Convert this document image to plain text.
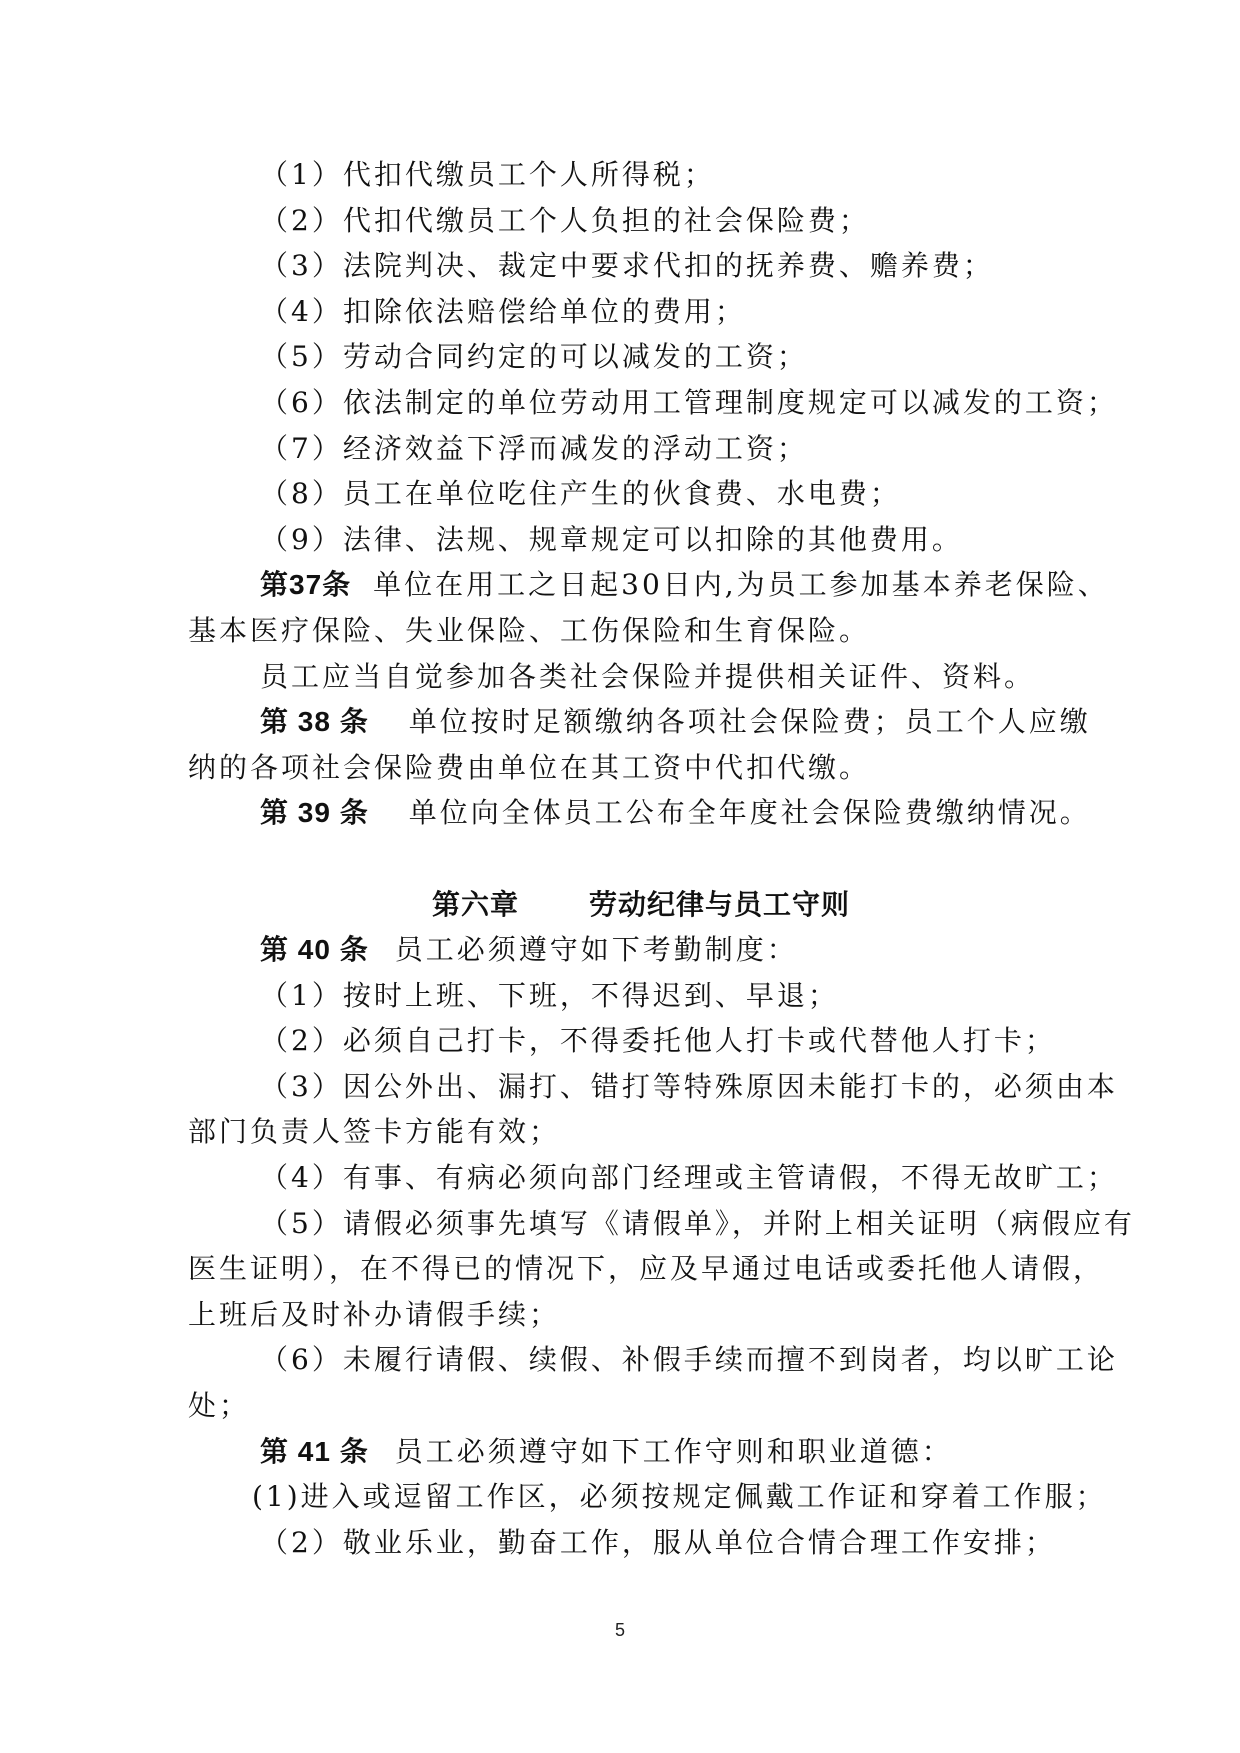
（1）代扣代缴员工个人所得税；
（2）代扣代缴员工个人负担的社会保险费；
（3）法院判决、裁定中要求代扣的抚养费、赡养费；
（4）扣除依法赔偿给单位的费用；
（5）劳动合同约定的可以减发的工资；
（6）依法制定的单位劳动用工管理制度规定可以减发的工资；
（7）经济效益下浮而减发的浮动工资；
（8）员工在单位吃住产生的伙食费、水电费；
（9）法律、法规、规章规定可以扣除的其他费用。
第37条 单位在用工之日起30日内,为员工参加基本养老保险、
基本医疗保险、失业保险、工伤保险和生育保险。
员工应当自觉参加各类社会保险并提供相关证件、资料。
第 38 条 单位按时足额缴纳各项社会保险费；员工个人应缴
纳的各项社会保险费由单位在其工资中代扣代缴。
第 39 条 单位向全体员工公布全年度社会保险费缴纳情况。
第六章	劳动纪律与员工守则
第 40 条 员工必须遵守如下考勤制度：
（1）按时上班、下班，不得迟到、早退；
（2）必须自己打卡，不得委托他人打卡或代替他人打卡；
（3）因公外出、漏打、错打等特殊原因未能打卡的，必须由本
部门负责人签卡方能有效；
（4）有事、有病必须向部门经理或主管请假，不得无故旷工；
（5）请假必须事先填写《请假单》，并附上相关证明（病假应有
医生证明），在不得已的情况下，应及早通过电话或委托他人请假，
上班后及时补办请假手续；
（6）未履行请假、续假、补假手续而擅不到岗者，均以旷工论
处；
第 41 条 员工必须遵守如下工作守则和职业道德：
(1)进入或逗留工作区，必须按规定佩戴工作证和穿着工作服；
（2）敬业乐业，勤奋工作，服从单位合情合理工作安排；
5
